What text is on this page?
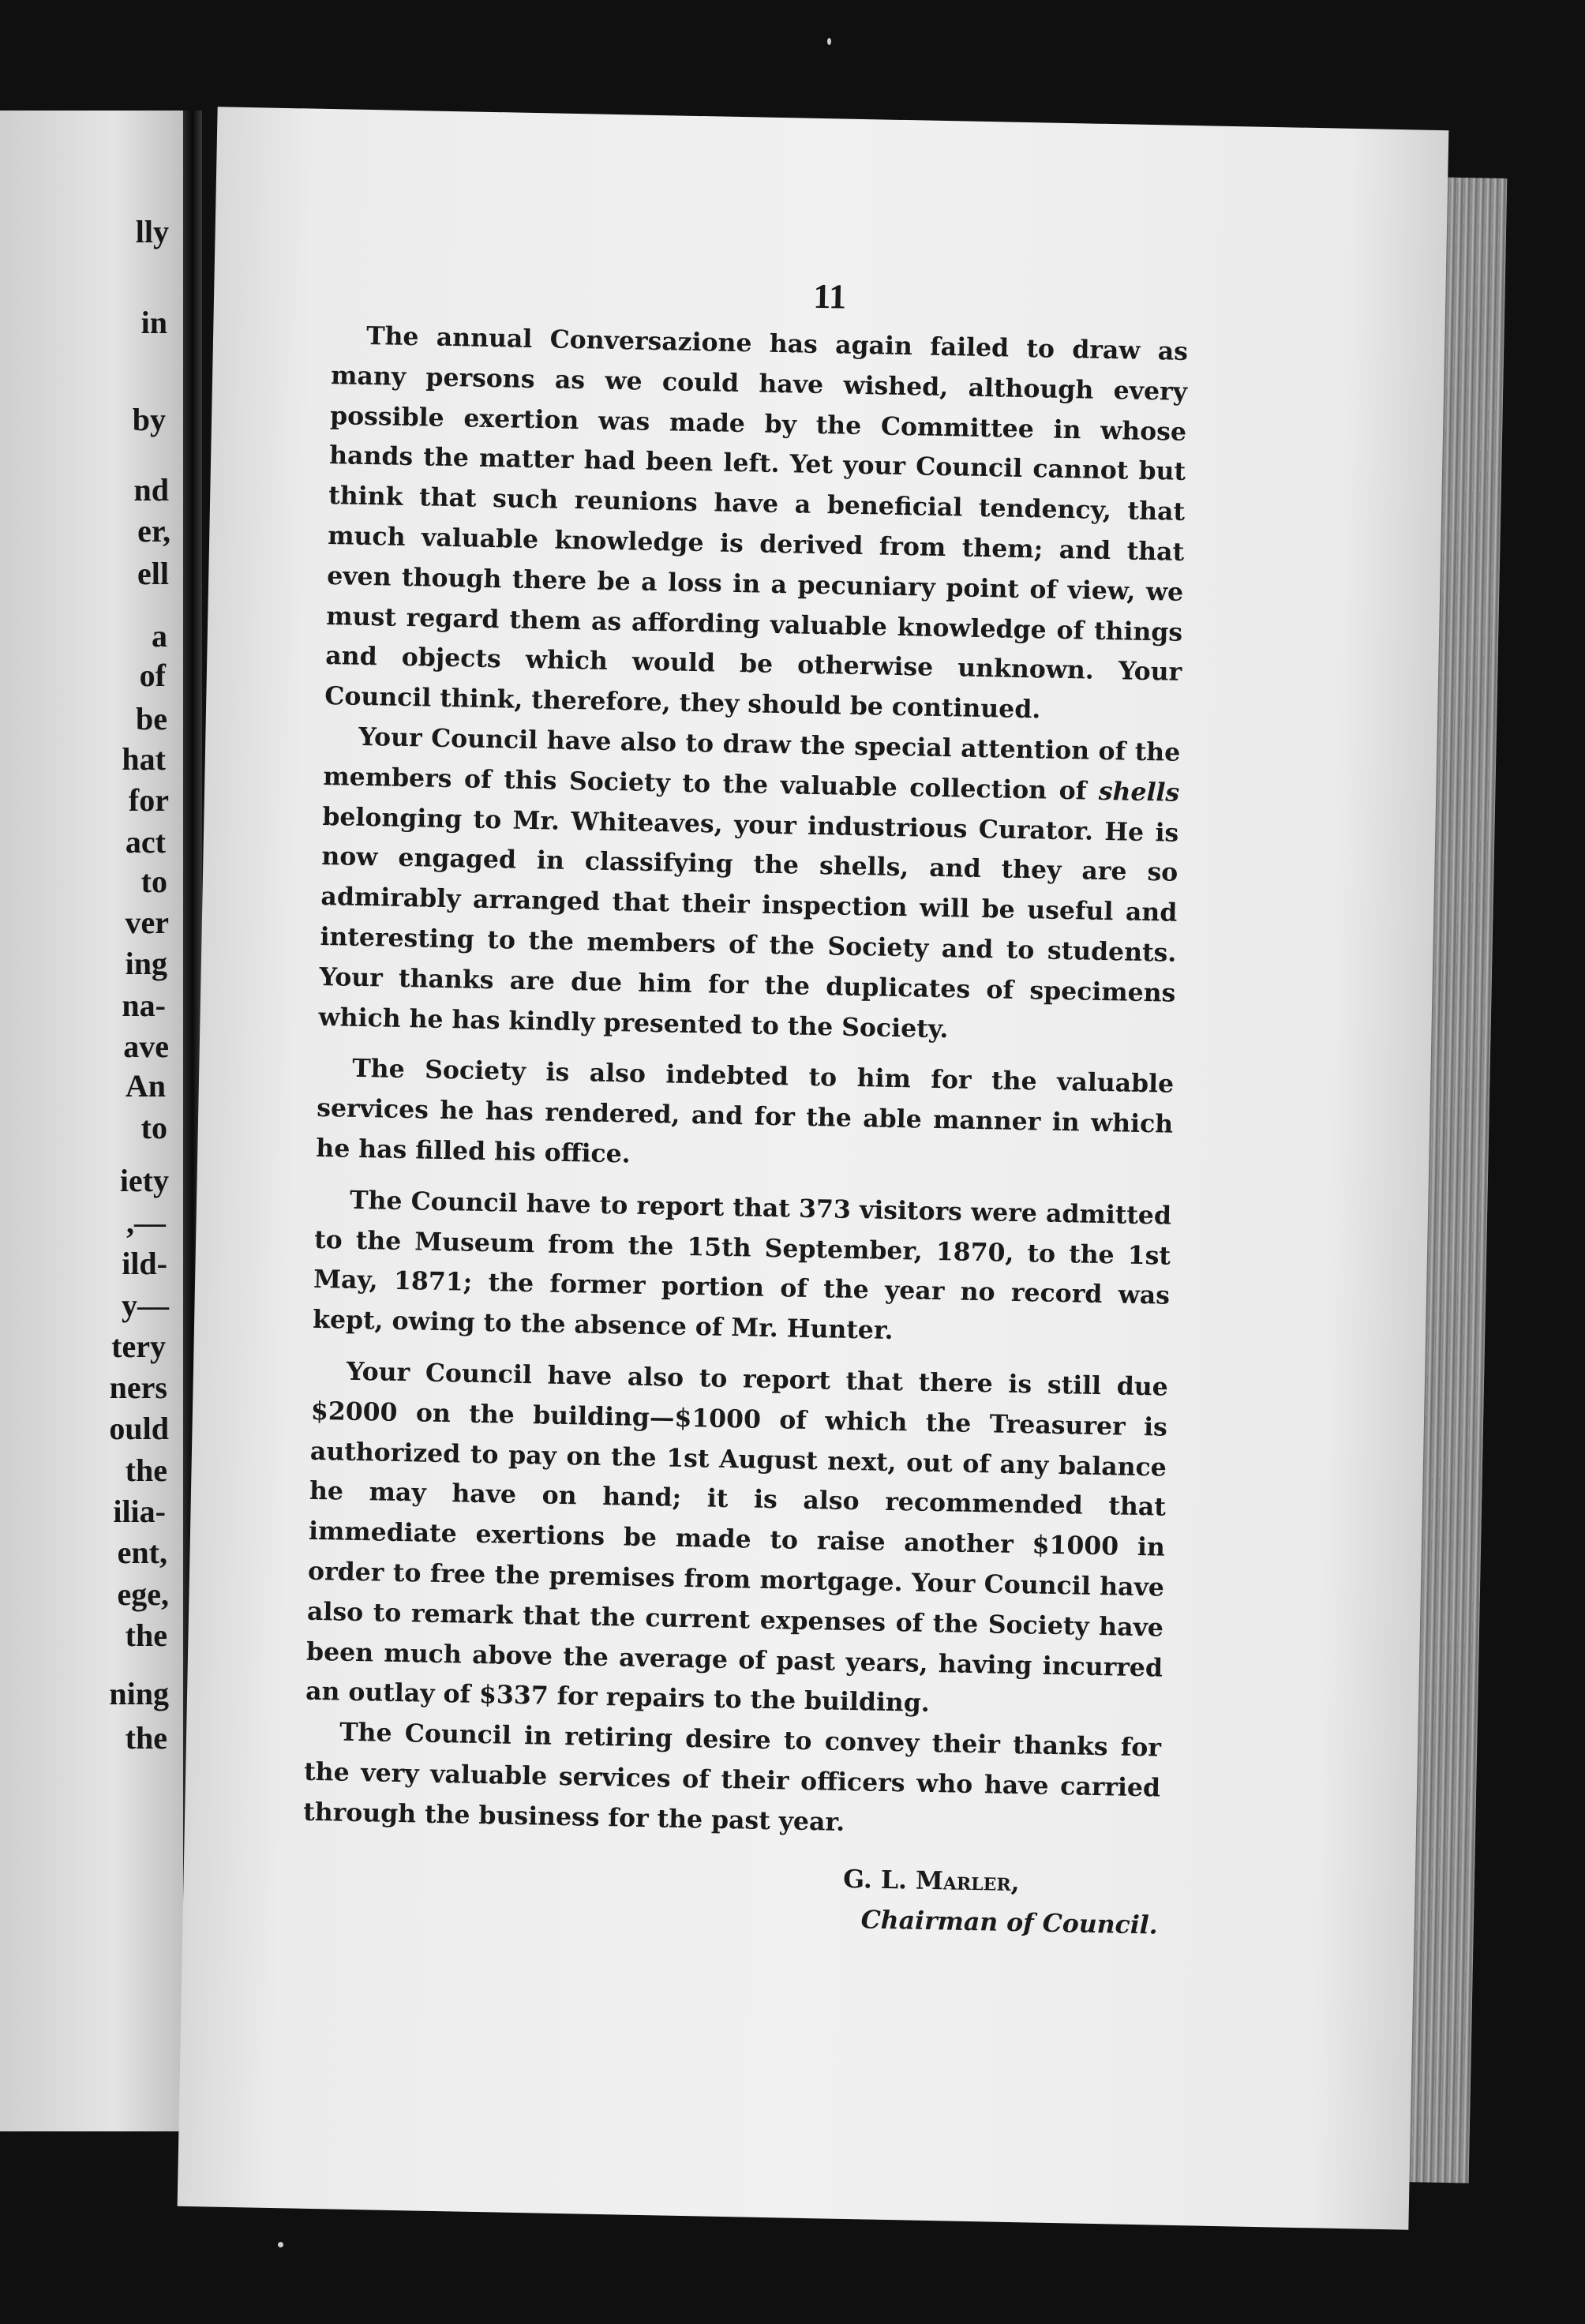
lly
in
by
nd
er,
ell
a
of
be
hat
for
act
to
ver
ing
na-
ave
An
to
iety
,—
ild-
y—
tery
ners
ould
the
ilia-
ent,
ege,
the
ning
the
11

The annual Conversazione has again failed to draw as many persons as we could have wished, although every possible exertion was made by the Committee in whose hands the matter had been left. Yet your Council cannot but think that such reunions have a beneficial tendency, that much valuable knowledge is derived from them; and that even though there be a loss in a pecuniary point of view, we must regard them as affording valuable knowledge of things and objects which would be otherwise unknown. Your Council think, therefore, they should be continued.

Your Council have also to draw the special attention of the members of this Society to the valuable collection of shells belonging to Mr. Whiteaves, your industrious Curator. He is now engaged in classifying the shells, and they are so admirably arranged that their inspection will be useful and interesting to the members of the Society and to students. Your thanks are due him for the duplicates of specimens which he has kindly presented to the Society.

The Society is also indebted to him for the valuable services he has rendered, and for the able manner in which he has filled his office.

The Council have to report that 373 visitors were admitted to the Museum from the 15th September, 1870, to the 1st May, 1871; the former portion of the year no record was kept, owing to the absence of Mr. Hunter.

Your Council have also to report that there is still due $2000 on the building—$1000 of which the Treasurer is authorized to pay on the 1st August next, out of any balance he may have on hand; it is also recommended that immediate exertions be made to raise another $1000 in order to free the premises from mortgage. Your Council have also to remark that the current expenses of the Society have been much above the average of past years, having incurred an outlay of $337 for repairs to the building.

The Council in retiring desire to convey their thanks for the very valuable services of their officers who have carried through the business for the past year.

G. L. Marler,
Chairman of Council.
